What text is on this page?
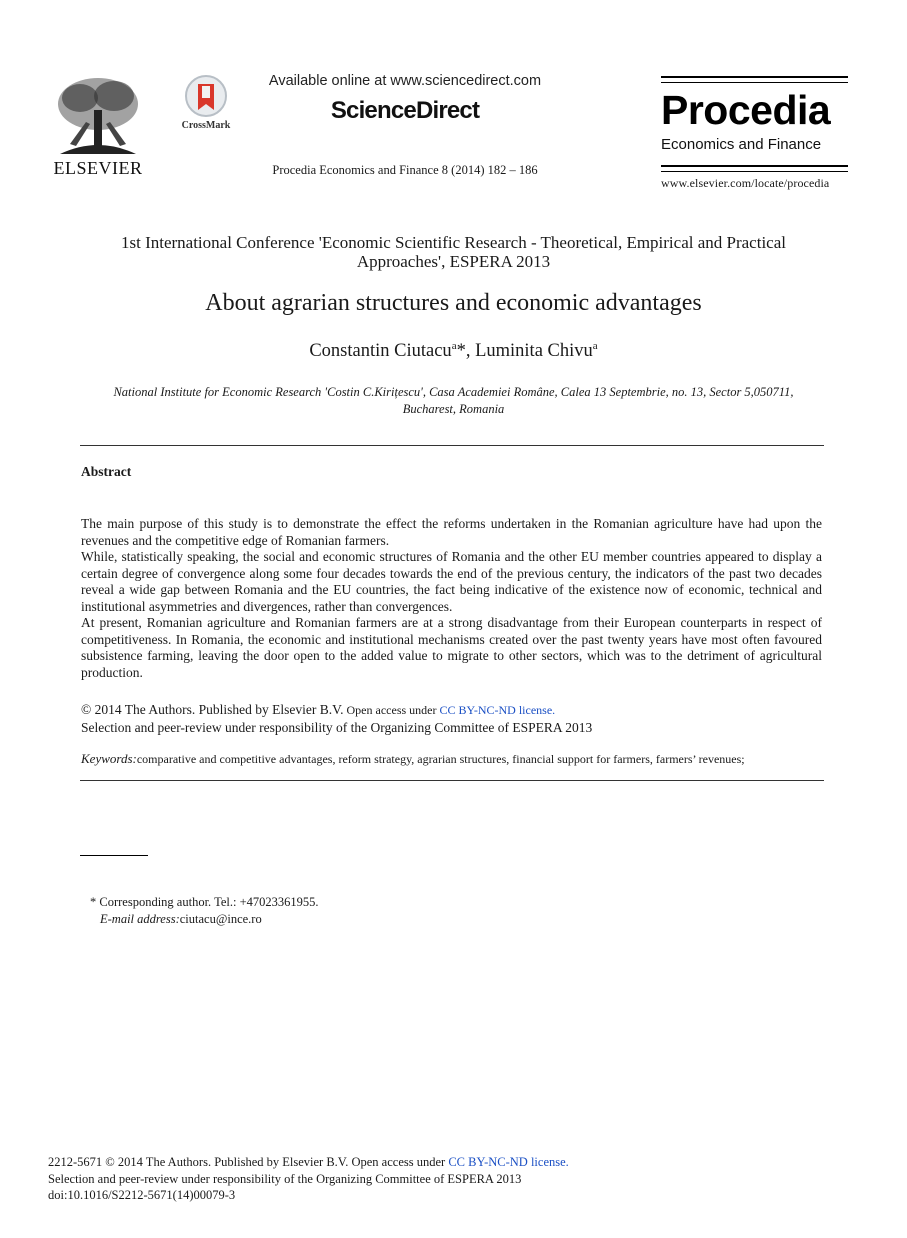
ELSEVIER
CrossMark
Available online at www.sciencedirect.com
ScienceDirect
Procedia Economics and Finance 8 (2014) 182 – 186
Procedia
Economics and Finance
www.elsevier.com/locate/procedia
1st International Conference 'Economic Scientific Research - Theoretical, Empirical and Practical
Approaches', ESPERA 2013
About agrarian structures and economic advantages
Constantin Ciutacu$^a$*, Luminita Chivu$^a$
National Institute for Economic Research 'Costin C.Kirițescu', Casa Academiei Române, Calea 13 Septembrie, no. 13, Sector 5,050711,
Bucharest, Romania
Abstract

The main purpose of this study is to demonstrate the effect the reforms undertaken in the Romanian agriculture have had upon the revenues and the competitive edge of Romanian farmers.

While, statistically speaking, the social and economic structures of Romania and the other EU member countries appeared to display a certain degree of convergence along some four decades towards the end of the previous century, the indicators of the past two decades reveal a wide gap between Romania and the EU countries, the fact being indicative of the existence now of economic, technical and institutional asymmetries and divergences, rather than convergences.

At present, Romanian agriculture and Romanian farmers are at a strong disadvantage from their European counterparts in respect of competitiveness. In Romania, the economic and institutional mechanisms created over the past twenty years have most often favoured subsistence farming, leaving the door open to the added value to migrate to other sectors, which was to the detriment of agricultural production.

© 2014 The Authors. Published by Elsevier B.V. Open access under CC BY-NC-ND license.
Selection and peer-review under responsibility of the Organizing Committee of ESPERA 2013
Keywords:comparative and competitive advantages, reform strategy, agrarian structures, financial support for farmers, farmers’ revenues;
* Corresponding author. Tel.: +47023361955.
E-mail address:ciutacu@ince.ro
2212-5671 © 2014 The Authors. Published by Elsevier B.V. Open access under CC BY-NC-ND license.
Selection and peer-review under responsibility of the Organizing Committee of ESPERA 2013
doi:10.1016/S2212-5671(14)00079-3
